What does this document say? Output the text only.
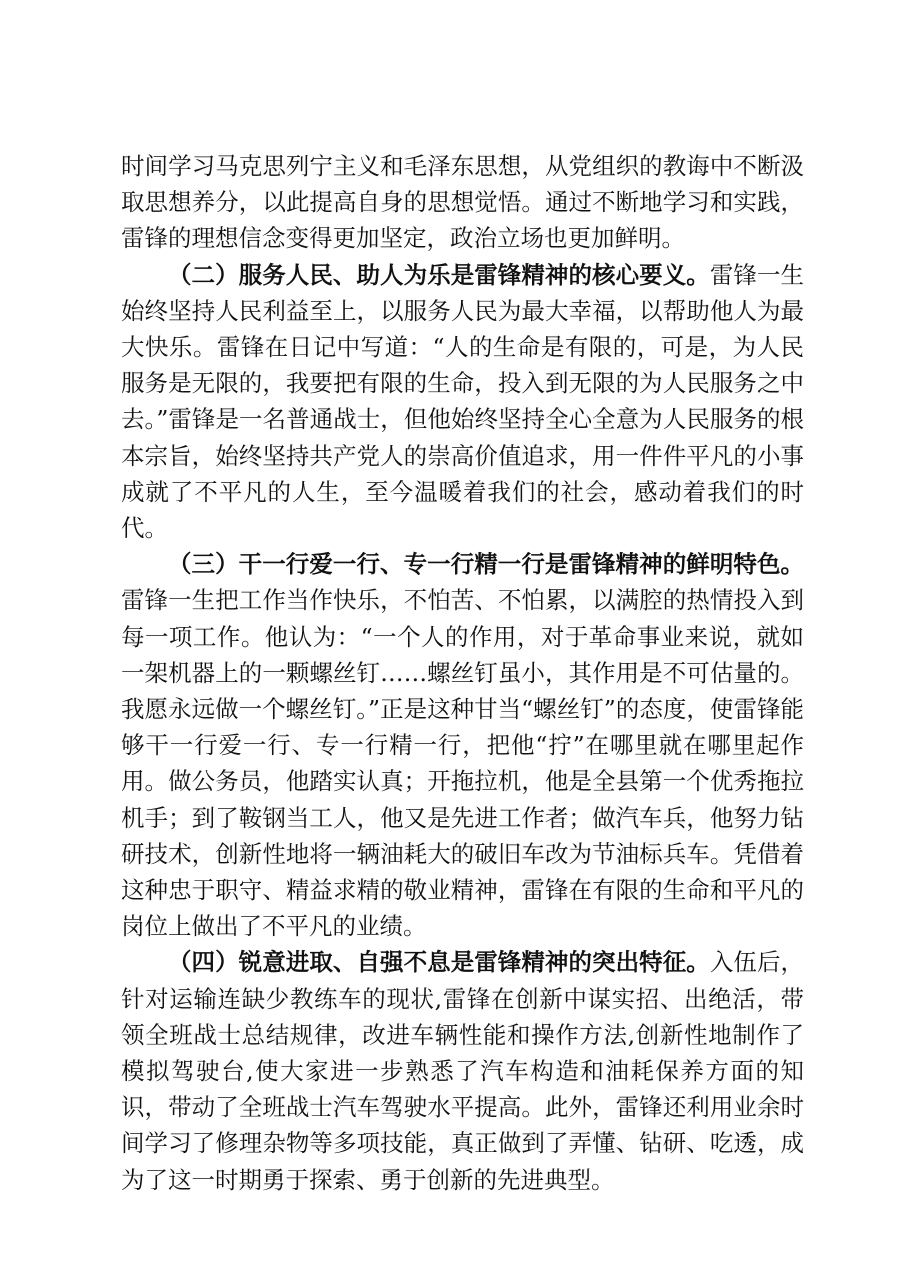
时间学习马克思列宁主义和毛泽东思想，从党组织的教诲中不断汲取思想养分，以此提高自身的思想觉悟。通过不断地学习和实践，雷锋的理想信念变得更加坚定，政治立场也更加鲜明。

（二）服务人民、助人为乐是雷锋精神的核心要义。雷锋一生始终坚持人民利益至上，以服务人民为最大幸福，以帮助他人为最大快乐。雷锋在日记中写道：“人的生命是有限的，可是，为人民服务是无限的，我要把有限的生命，投入到无限的为人民服务之中去。”雷锋是一名普通战士，但他始终坚持全心全意为人民服务的根本宗旨，始终坚持共产党人的崇高价值追求，用一件件平凡的小事成就了不平凡的人生，至今温暖着我们的社会，感动着我们的时代。

（三）干一行爱一行、专一行精一行是雷锋精神的鲜明特色。雷锋一生把工作当作快乐，不怕苦、不怕累，以满腔的热情投入到每一项工作。他认为：“一个人的作用，对于革命事业来说，就如一架机器上的一颗螺丝钉……螺丝钉虽小，其作用是不可估量的。我愿永远做一个螺丝钉。”正是这种甘当“螺丝钉”的态度，使雷锋能够干一行爱一行、专一行精一行，把他“拧”在哪里就在哪里起作用。做公务员，他踏实认真；开拖拉机，他是全县第一个优秀拖拉机手；到了鞍钢当工人，他又是先进工作者；做汽车兵，他努力钻研技术，创新性地将一辆油耗大的破旧车改为节油标兵车。凭借着这种忠于职守、精益求精的敬业精神，雷锋在有限的生命和平凡的岗位上做出了不平凡的业绩。

（四）锐意进取、自强不息是雷锋精神的突出特征。入伍后，针对运输连缺少教练车的现状,雷锋在创新中谋实招、出绝活，带领全班战士总结规律，改进车辆性能和操作方法,创新性地制作了模拟驾驶台,使大家进一步熟悉了汽车构造和油耗保养方面的知识，带动了全班战士汽车驾驶水平提高。此外，雷锋还利用业余时间学习了修理杂物等多项技能，真正做到了弄懂、钻研、吃透，成为了这一时期勇于探索、勇于创新的先进典型。
